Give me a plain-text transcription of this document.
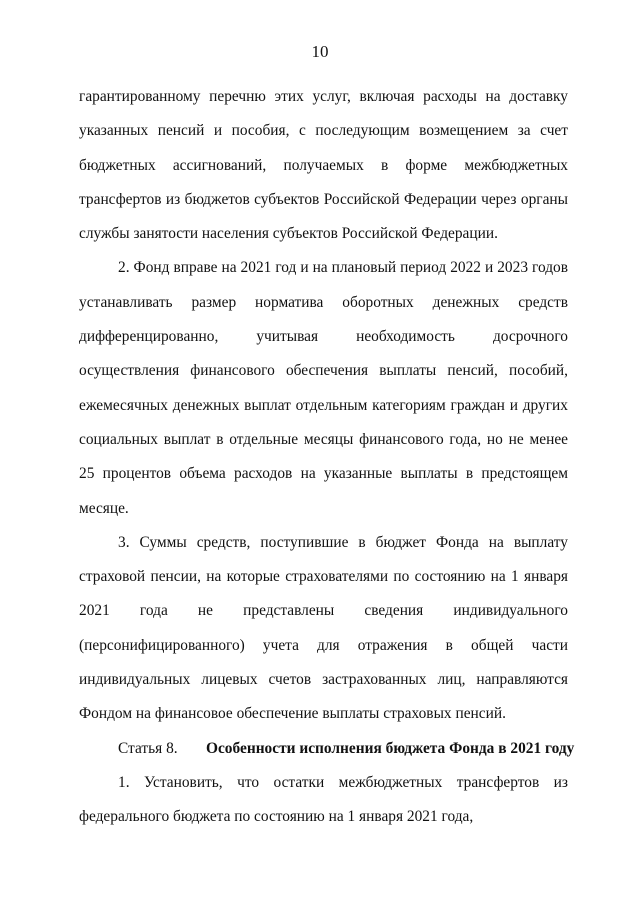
10

гарантированному перечню этих услуг, включая расходы на доставку указанных пенсий и пособия, с последующим возмещением за счет бюджетных ассигнований, получаемых в форме межбюджетных трансфертов из бюджетов субъектов Российской Федерации через органы службы занятости населения субъектов Российской Федерации.

2. Фонд вправе на 2021 год и на плановый период 2022 и 2023 годов устанавливать размер норматива оборотных денежных средств дифференцированно, учитывая необходимость досрочного осуществления финансового обеспечения выплаты пенсий, пособий, ежемесячных денежных выплат отдельным категориям граждан и других социальных выплат в отдельные месяцы финансового года, но не менее 25 процентов объема расходов на указанные выплаты в предстоящем месяце.

3. Суммы средств, поступившие в бюджет Фонда на выплату страховой пенсии, на которые страхователями по состоянию на 1 января 2021 года не представлены сведения индивидуального (персонифицированного) учета для отражения в общей части индивидуальных лицевых счетов застрахованных лиц, направляются Фондом на финансовое обеспечение выплаты страховых пенсий.

Статья 8. Особенности исполнения бюджета Фонда в 2021 году

1. Установить, что остатки межбюджетных трансфертов из федерального бюджета по состоянию на 1 января 2021 года,
